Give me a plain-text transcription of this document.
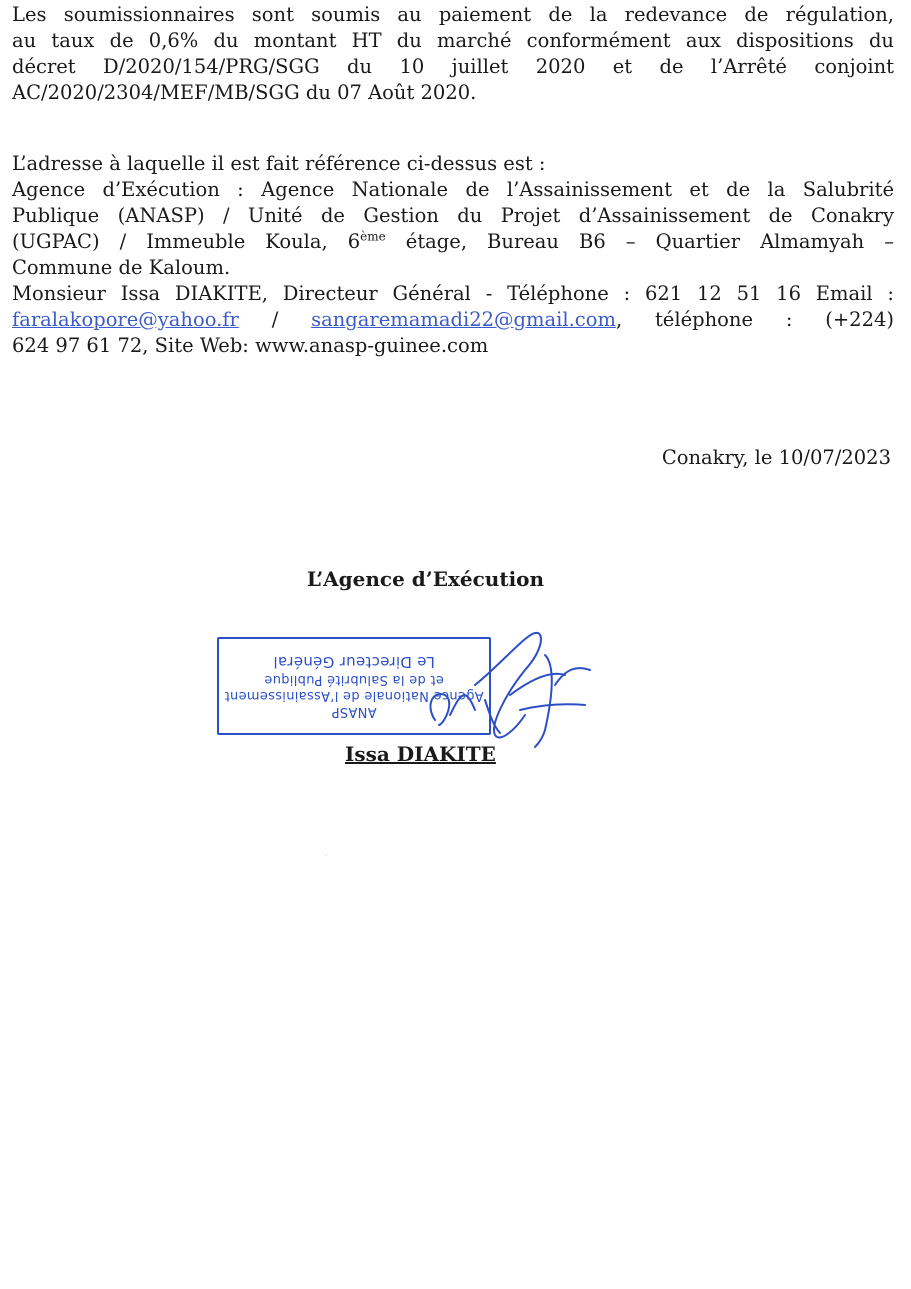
Les soumissionnaires sont soumis au paiement de la redevance de régulation,
au taux de 0,6% du montant HT du marché conformément aux dispositions du
décret D/2020/154/PRG/SGG du 10 juillet 2020 et de l’Arrêté conjoint
AC/2020/2304/MEF/MB/SGG du 07 Août 2020.
L’adresse à laquelle il est fait référence ci-dessus est :
Agence d’Exécution : Agence Nationale de l’Assainissement et de la Salubrité
Publique (ANASP) / Unité de Gestion du Projet d’Assainissement de Conakry
(UGPAC) / Immeuble Koula, 6ème étage, Bureau B6 – Quartier Almamyah –
Commune de Kaloum.
Monsieur Issa DIAKITE, Directeur Général - Téléphone : 621 12 51 16 Email :
faralakopore@yahoo.fr / sangaremamadi22@gmail.com, téléphone : (+224)
624 97 61 72, Site Web: www.anasp-guinee.com
Conakry, le 10/07/2023
L’Agence d’Exécution
ANASP
Agence Nationale de l’Assainissement
et de la Salubrité Publique
Le Directeur Général
Issa DIAKITE
